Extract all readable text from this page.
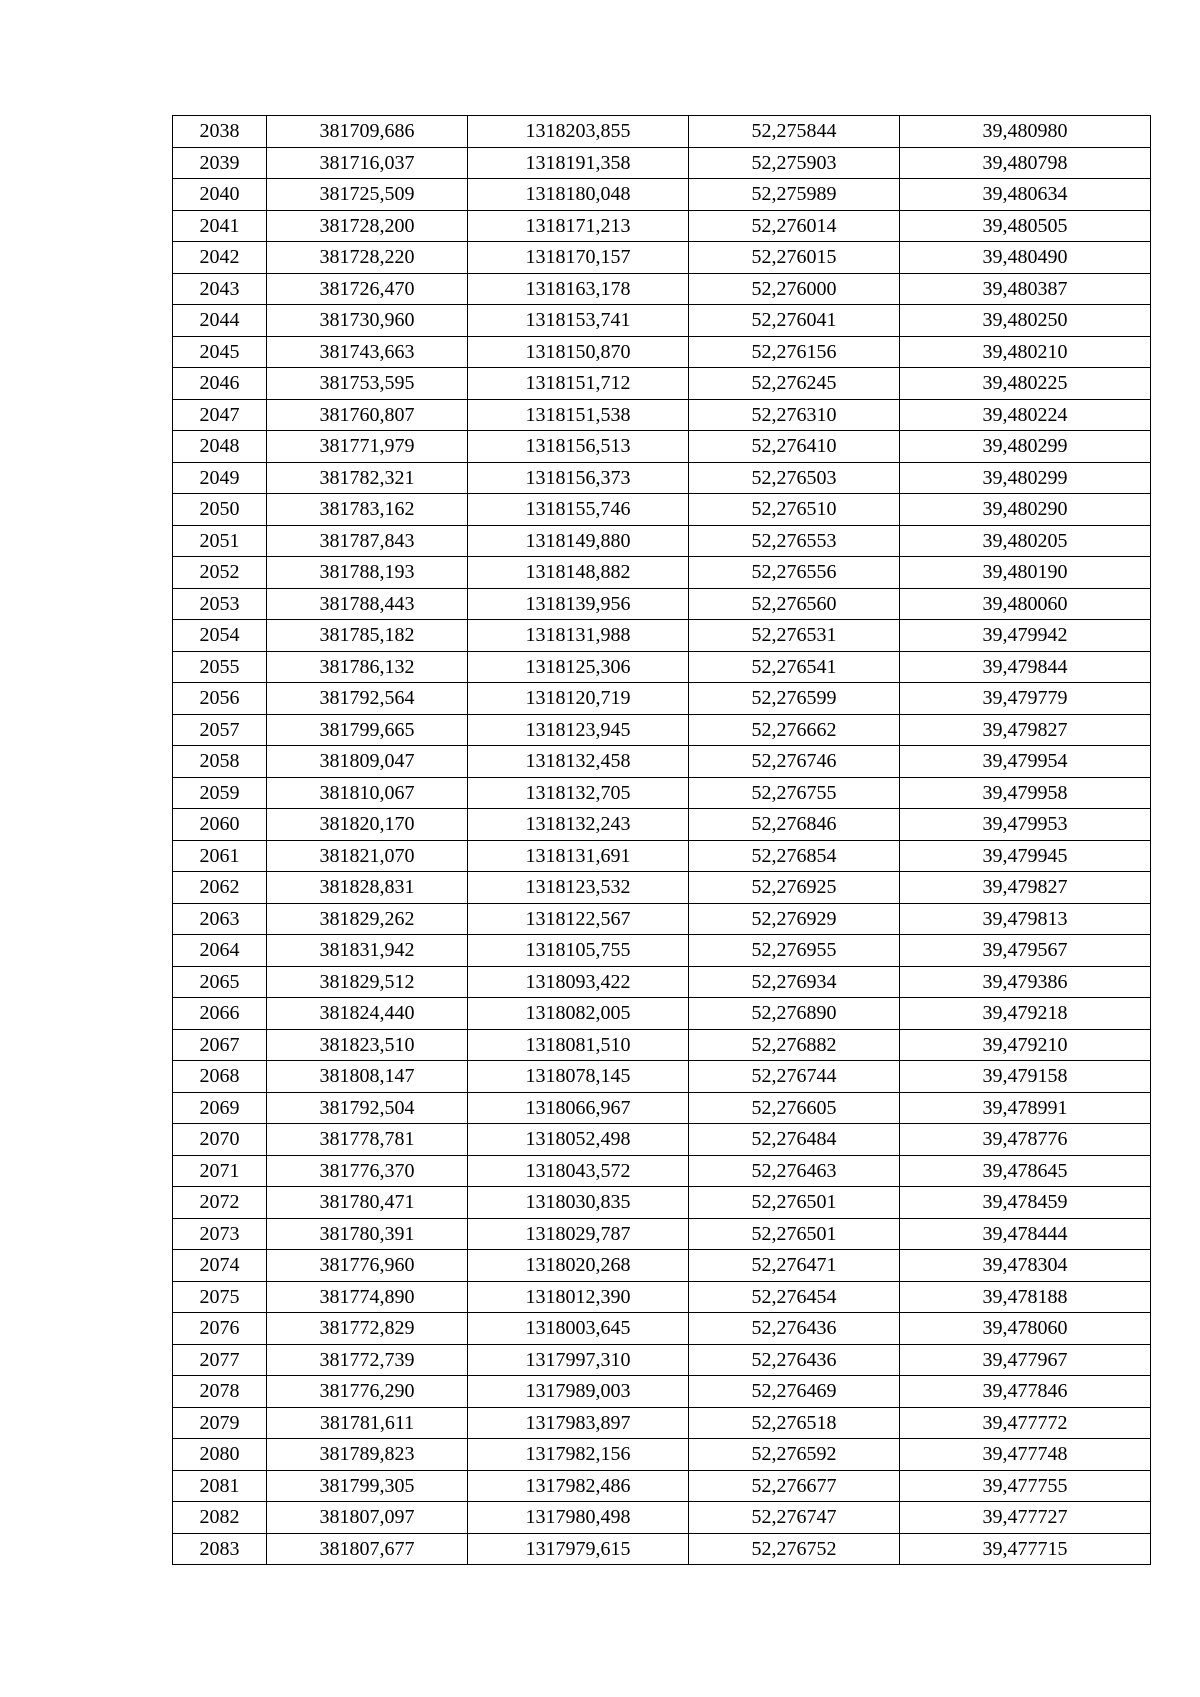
2038	381709,686	1318203,855	52,275844	39,480980
2039	381716,037	1318191,358	52,275903	39,480798
2040	381725,509	1318180,048	52,275989	39,480634
2041	381728,200	1318171,213	52,276014	39,480505
2042	381728,220	1318170,157	52,276015	39,480490
2043	381726,470	1318163,178	52,276000	39,480387
2044	381730,960	1318153,741	52,276041	39,480250
2045	381743,663	1318150,870	52,276156	39,480210
2046	381753,595	1318151,712	52,276245	39,480225
2047	381760,807	1318151,538	52,276310	39,480224
2048	381771,979	1318156,513	52,276410	39,480299
2049	381782,321	1318156,373	52,276503	39,480299
2050	381783,162	1318155,746	52,276510	39,480290
2051	381787,843	1318149,880	52,276553	39,480205
2052	381788,193	1318148,882	52,276556	39,480190
2053	381788,443	1318139,956	52,276560	39,480060
2054	381785,182	1318131,988	52,276531	39,479942
2055	381786,132	1318125,306	52,276541	39,479844
2056	381792,564	1318120,719	52,276599	39,479779
2057	381799,665	1318123,945	52,276662	39,479827
2058	381809,047	1318132,458	52,276746	39,479954
2059	381810,067	1318132,705	52,276755	39,479958
2060	381820,170	1318132,243	52,276846	39,479953
2061	381821,070	1318131,691	52,276854	39,479945
2062	381828,831	1318123,532	52,276925	39,479827
2063	381829,262	1318122,567	52,276929	39,479813
2064	381831,942	1318105,755	52,276955	39,479567
2065	381829,512	1318093,422	52,276934	39,479386
2066	381824,440	1318082,005	52,276890	39,479218
2067	381823,510	1318081,510	52,276882	39,479210
2068	381808,147	1318078,145	52,276744	39,479158
2069	381792,504	1318066,967	52,276605	39,478991
2070	381778,781	1318052,498	52,276484	39,478776
2071	381776,370	1318043,572	52,276463	39,478645
2072	381780,471	1318030,835	52,276501	39,478459
2073	381780,391	1318029,787	52,276501	39,478444
2074	381776,960	1318020,268	52,276471	39,478304
2075	381774,890	1318012,390	52,276454	39,478188
2076	381772,829	1318003,645	52,276436	39,478060
2077	381772,739	1317997,310	52,276436	39,477967
2078	381776,290	1317989,003	52,276469	39,477846
2079	381781,611	1317983,897	52,276518	39,477772
2080	381789,823	1317982,156	52,276592	39,477748
2081	381799,305	1317982,486	52,276677	39,477755
2082	381807,097	1317980,498	52,276747	39,477727
2083	381807,677	1317979,615	52,276752	39,477715
